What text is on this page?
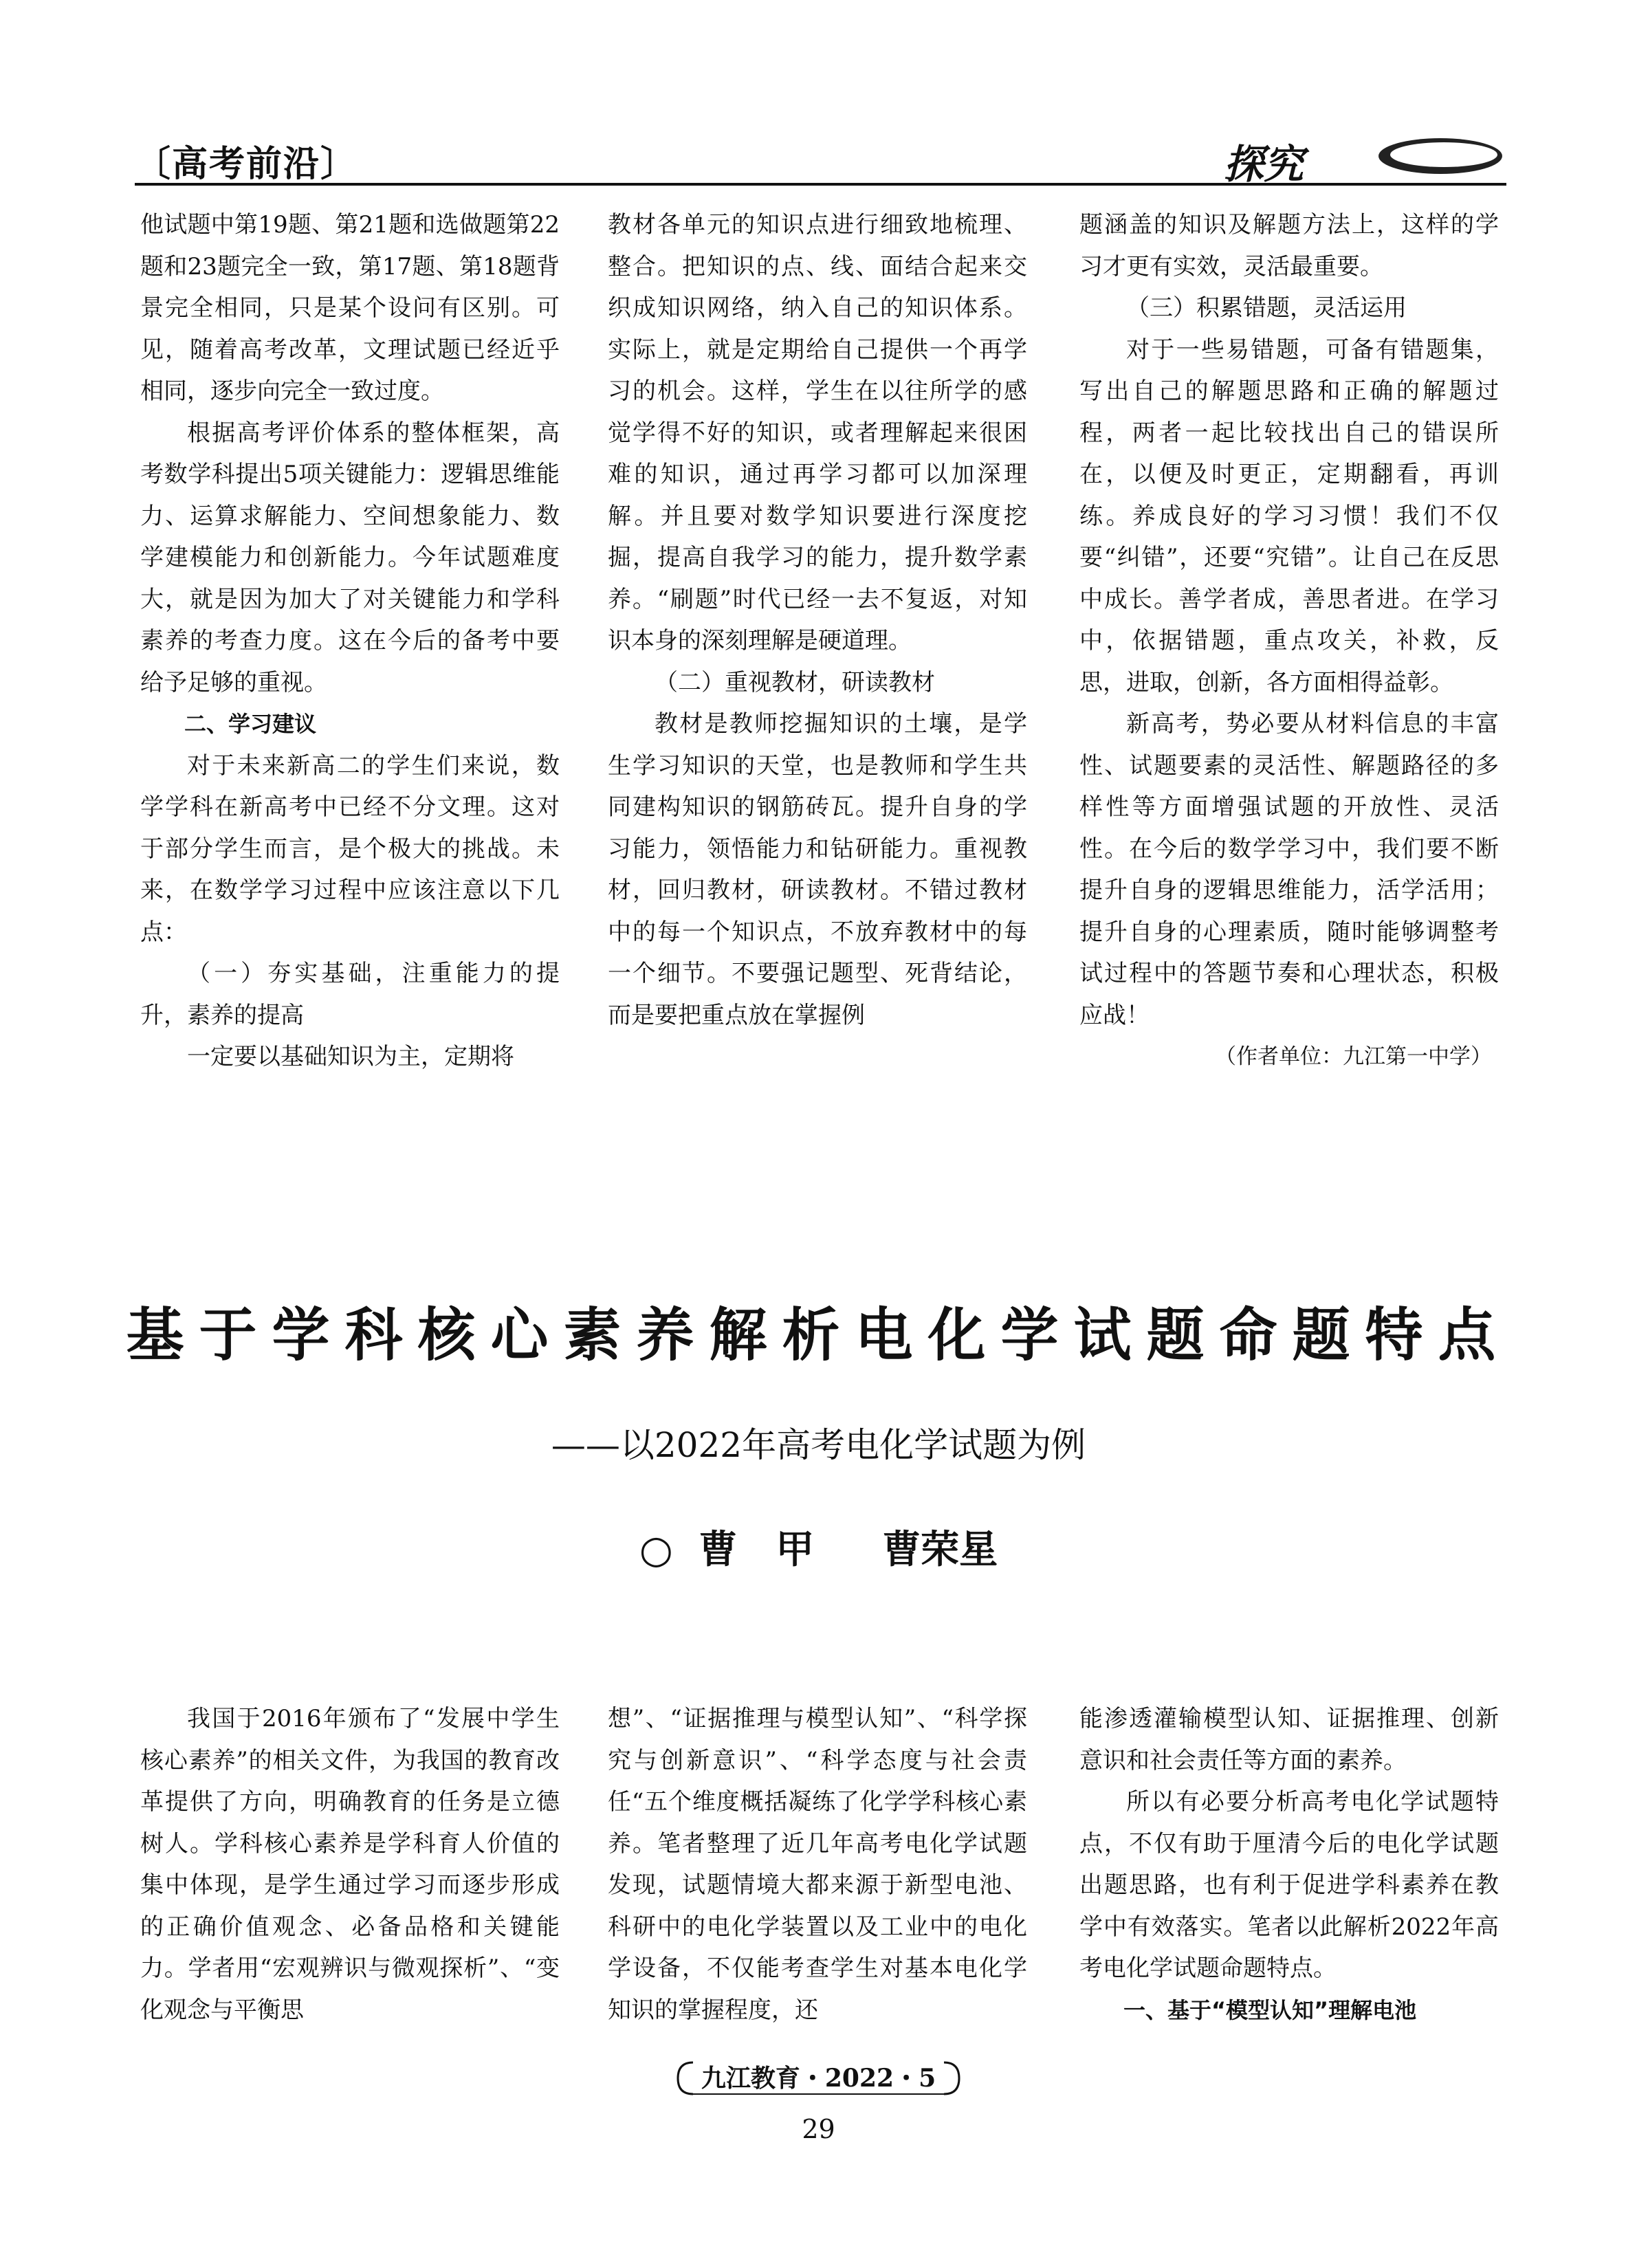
〔高考前沿〕	探究

他试题中第19题、第21题和选做题第22题和23题完全一致，第17题、第18题背景完全相同，只是某个设问有区别。可见，随着高考改革，文理试题已经近乎相同，逐步向完全一致过度。

根据高考评价体系的整体框架，高考数学科提出5项关键能力：逻辑思维能力、运算求解能力、空间想象能力、数学建模能力和创新能力。今年试题难度大，就是因为加大了对关键能力和学科素养的考查力度。这在今后的备考中要给予足够的重视。

二、学习建议

对于未来新高二的学生们来说，数学学科在新高考中已经不分文理。这对于部分学生而言，是个极大的挑战。未来，在数学学习过程中应该注意以下几点：

（一）夯实基础，注重能力的提升，素养的提高

一定要以基础知识为主，定期将

教材各单元的知识点进行细致地梳理、整合。把知识的点、线、面结合起来交织成知识网络，纳入自己的知识体系。实际上，就是定期给自己提供一个再学习的机会。这样，学生在以往所学的感觉学得不好的知识，或者理解起来很困难的知识，通过再学习都可以加深理解。并且要对数学知识要进行深度挖掘，提高自我学习的能力，提升数学素养。“刷题”时代已经一去不复返，对知识本身的深刻理解是硬道理。

（二）重视教材，研读教材

教材是教师挖掘知识的土壤，是学生学习知识的天堂，也是教师和学生共同建构知识的钢筋砖瓦。提升自身的学习能力，领悟能力和钻研能力。重视教材，回归教材，研读教材。不错过教材中的每一个知识点，不放弃教材中的每一个细节。不要强记题型、死背结论，而是要把重点放在掌握例

题涵盖的知识及解题方法上，这样的学习才更有实效，灵活最重要。

（三）积累错题，灵活运用

对于一些易错题，可备有错题集，写出自己的解题思路和正确的解题过程，两者一起比较找出自己的错误所在，以便及时更正，定期翻看，再训练。养成良好的学习习惯！我们不仅要“纠错”，还要“究错”。让自己在反思中成长。善学者成，善思者进。在学习中，依据错题，重点攻关，补救，反思，进取，创新，各方面相得益彰。

新高考，势必要从材料信息的丰富性、试题要素的灵活性、解题路径的多样性等方面增强试题的开放性、灵活性。在今后的数学学习中，我们要不断提升自身的逻辑思维能力，活学活用；提升自身的心理素质，随时能够调整考试过程中的答题节奏和心理状态，积极应战！

（作者单位：九江第一中学）

基于学科核心素养解析电化学试题命题特点
——以2022年高考电化学试题为例
○ 曹　甲 曹荣星

我国于2016年颁布了“发展中学生核心素养”的相关文件，为我国的教育改革提供了方向，明确教育的任务是立德树人。学科核心素养是学科育人价值的集中体现，是学生通过学习而逐步形成的正确价值观念、必备品格和关键能力。学者用“宏观辨识与微观探析”、“变化观念与平衡思

想”、“证据推理与模型认知”、“科学探究与创新意识”、“科学态度与社会责任“五个维度概括凝练了化学学科核心素养。笔者整理了近几年高考电化学试题发现，试题情境大都来源于新型电池、科研中的电化学装置以及工业中的电化学设备，不仅能考查学生对基本电化学知识的掌握程度，还

能渗透灌输模型认知、证据推理、创新意识和社会责任等方面的素养。

所以有必要分析高考电化学试题特点，不仅有助于厘清今后的电化学试题出题思路，也有利于促进学科素养在教学中有效落实。笔者以此解析2022年高考电化学试题命题特点。

一、基于“模型认知”理解电池

九江教育・2022・5
29
